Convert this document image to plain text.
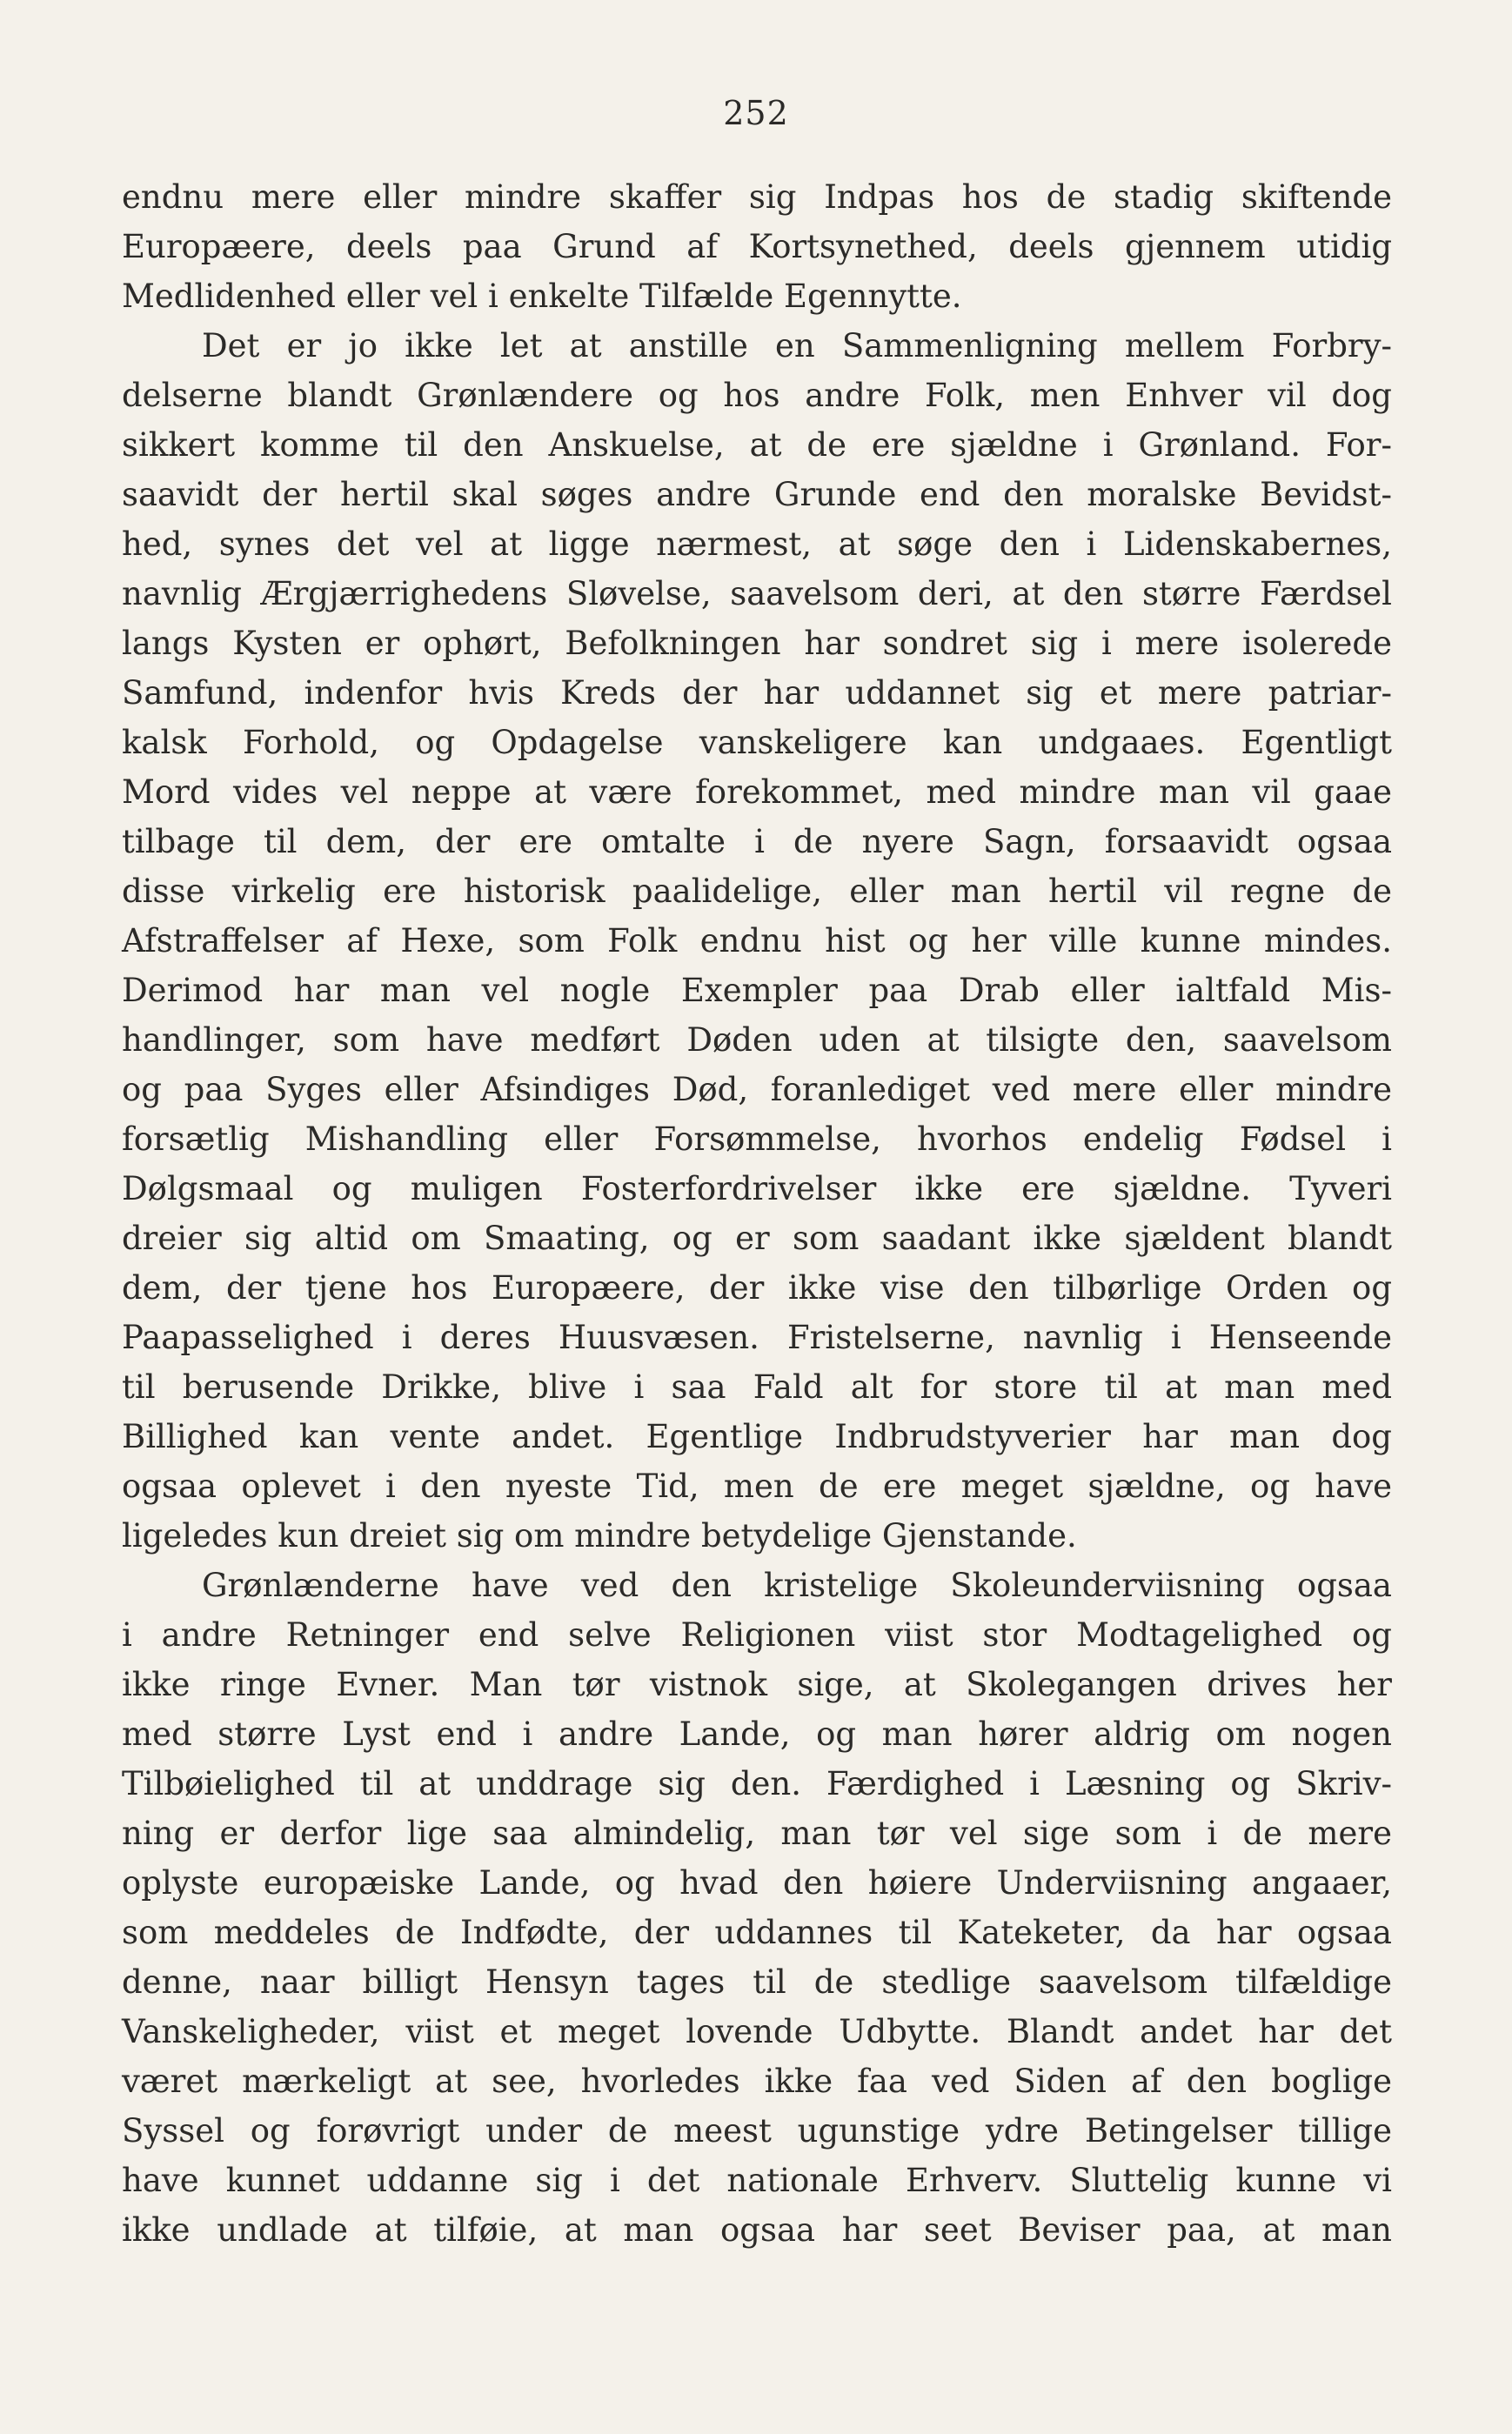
252
endnu mere eller mindre skaffer sig Indpas hos de stadig skiftende
Europæere, deels paa Grund af Kortsynethed, deels gjennem utidig
Medlidenhed eller vel i enkelte Tilfælde Egennytte.
Det er jo ikke let at anstille en Sammenligning mellem Forbry-
delserne blandt Grønlændere og hos andre Folk, men Enhver vil dog
sikkert komme til den Anskuelse, at de ere sjældne i Grønland. For-
saavidt der hertil skal søges andre Grunde end den moralske Bevidst-
hed, synes det vel at ligge nærmest, at søge den i Lidenskabernes,
navnlig Ærgjærrighedens Sløvelse, saavelsom deri, at den større Færdsel
langs Kysten er ophørt, Befolkningen har sondret sig i mere isolerede
Samfund, indenfor hvis Kreds der har uddannet sig et mere patriar-
kalsk Forhold, og Opdagelse vanskeligere kan undgaaes. Egentligt
Mord vides vel neppe at være forekommet, med mindre man vil gaae
tilbage til dem, der ere omtalte i de nyere Sagn, forsaavidt ogsaa
disse virkelig ere historisk paalidelige, eller man hertil vil regne de
Afstraffelser af Hexe, som Folk endnu hist og her ville kunne mindes.
Derimod har man vel nogle Exempler paa Drab eller ialtfald Mis-
handlinger, som have medført Døden uden at tilsigte den, saavelsom
og paa Syges eller Afsindiges Død, foranlediget ved mere eller mindre
forsætlig Mishandling eller Forsømmelse, hvorhos endelig Fødsel i
Dølgsmaal og muligen Fosterfordrivelser ikke ere sjældne. Tyveri
dreier sig altid om Smaating, og er som saadant ikke sjældent blandt
dem, der tjene hos Europæere, der ikke vise den tilbørlige Orden og
Paapasselighed i deres Huusvæsen. Fristelserne, navnlig i Henseende
til berusende Drikke, blive i saa Fald alt for store til at man med
Billighed kan vente andet. Egentlige Indbrudstyverier har man dog
ogsaa oplevet i den nyeste Tid, men de ere meget sjældne, og have
ligeledes kun dreiet sig om mindre betydelige Gjenstande.
Grønlænderne have ved den kristelige Skoleunderviisning ogsaa
i andre Retninger end selve Religionen viist stor Modtagelighed og
ikke ringe Evner. Man tør vistnok sige, at Skolegangen drives her
med større Lyst end i andre Lande, og man hører aldrig om nogen
Tilbøielighed til at unddrage sig den. Færdighed i Læsning og Skriv-
ning er derfor lige saa almindelig, man tør vel sige som i de mere
oplyste europæiske Lande, og hvad den høiere Underviisning angaaer,
som meddeles de Indfødte, der uddannes til Kateketer, da har ogsaa
denne, naar billigt Hensyn tages til de stedlige saavelsom tilfældige
Vanskeligheder, viist et meget lovende Udbytte. Blandt andet har det
været mærkeligt at see, hvorledes ikke faa ved Siden af den boglige
Syssel og forøvrigt under de meest ugunstige ydre Betingelser tillige
have kunnet uddanne sig i det nationale Erhverv. Sluttelig kunne vi
ikke undlade at tilføie, at man ogsaa har seet Beviser paa, at man
